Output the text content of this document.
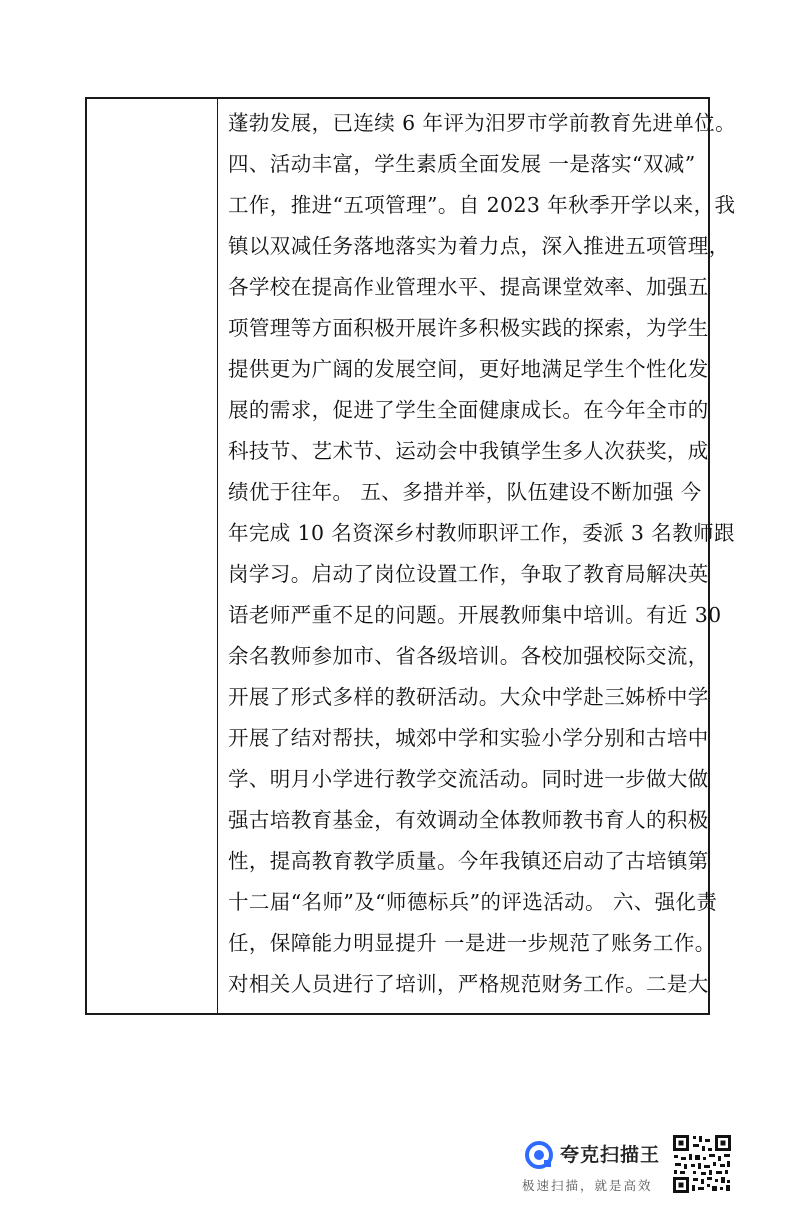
蓬勃发展，已连续 6 年评为汨罗市学前教育先进单位。
四、活动丰富，学生素质全面发展 一是落实“双减”
工作，推进“五项管理”。自 2023 年秋季开学以来，我
镇以双减任务落地落实为着力点，深入推进五项管理，
各学校在提高作业管理水平、提高课堂效率、加强五
项管理等方面积极开展许多积极实践的探索，为学生
提供更为广阔的发展空间，更好地满足学生个性化发
展的需求，促进了学生全面健康成长。在今年全市的
科技节、艺术节、运动会中我镇学生多人次获奖，成
绩优于往年。 五、多措并举，队伍建设不断加强 今
年完成 10 名资深乡村教师职评工作，委派 3 名教师跟
岗学习。启动了岗位设置工作，争取了教育局解决英
语老师严重不足的问题。开展教师集中培训。有近 30
余名教师参加市、省各级培训。各校加强校际交流，
开展了形式多样的教研活动。大众中学赴三姊桥中学
开展了结对帮扶，城郊中学和实验小学分别和古培中
学、明月小学进行教学交流活动。同时进一步做大做
强古培教育基金，有效调动全体教师教书育人的积极
性，提高教育教学质量。今年我镇还启动了古培镇第
十二届“名师”及“师德标兵”的评选活动。 六、强化责
任，保障能力明显提升 一是进一步规范了账务工作。
对相关人员进行了培训，严格规范财务工作。二是大
夸克扫描王
极速扫描，就是高效
